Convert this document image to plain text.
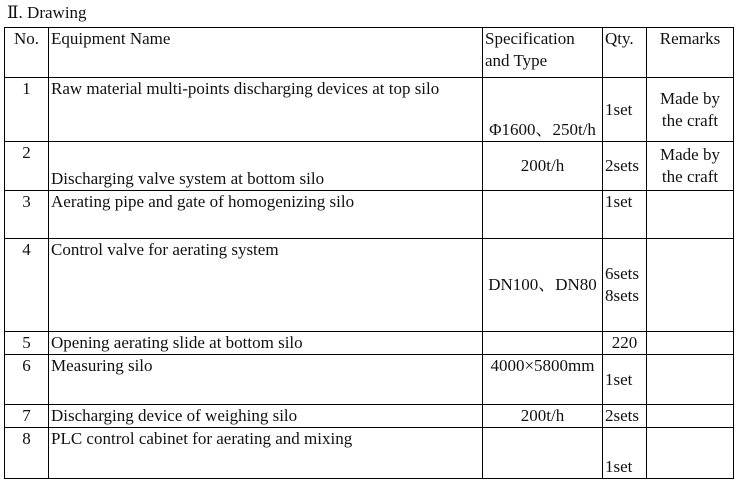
Ⅱ. Drawing
No.	Equipment Name	Specification and Type	Qty.	Remarks
1	Raw material multi-points discharging devices at top silo	Φ1600、250t/h	1set	Made by the craft
2	Discharging valve system at bottom silo	200t/h	2sets	Made by the craft
3	Aerating pipe and gate of homogenizing silo		1set	
4	Control valve for aerating system	DN100、DN80	6sets 8sets	
5	Opening aerating slide at bottom silo		220	
6	Measuring silo	4000×5800mm	1set	
7	Discharging device of weighing silo	200t/h	2sets	
8	PLC control cabinet for aerating and mixing		1set	
